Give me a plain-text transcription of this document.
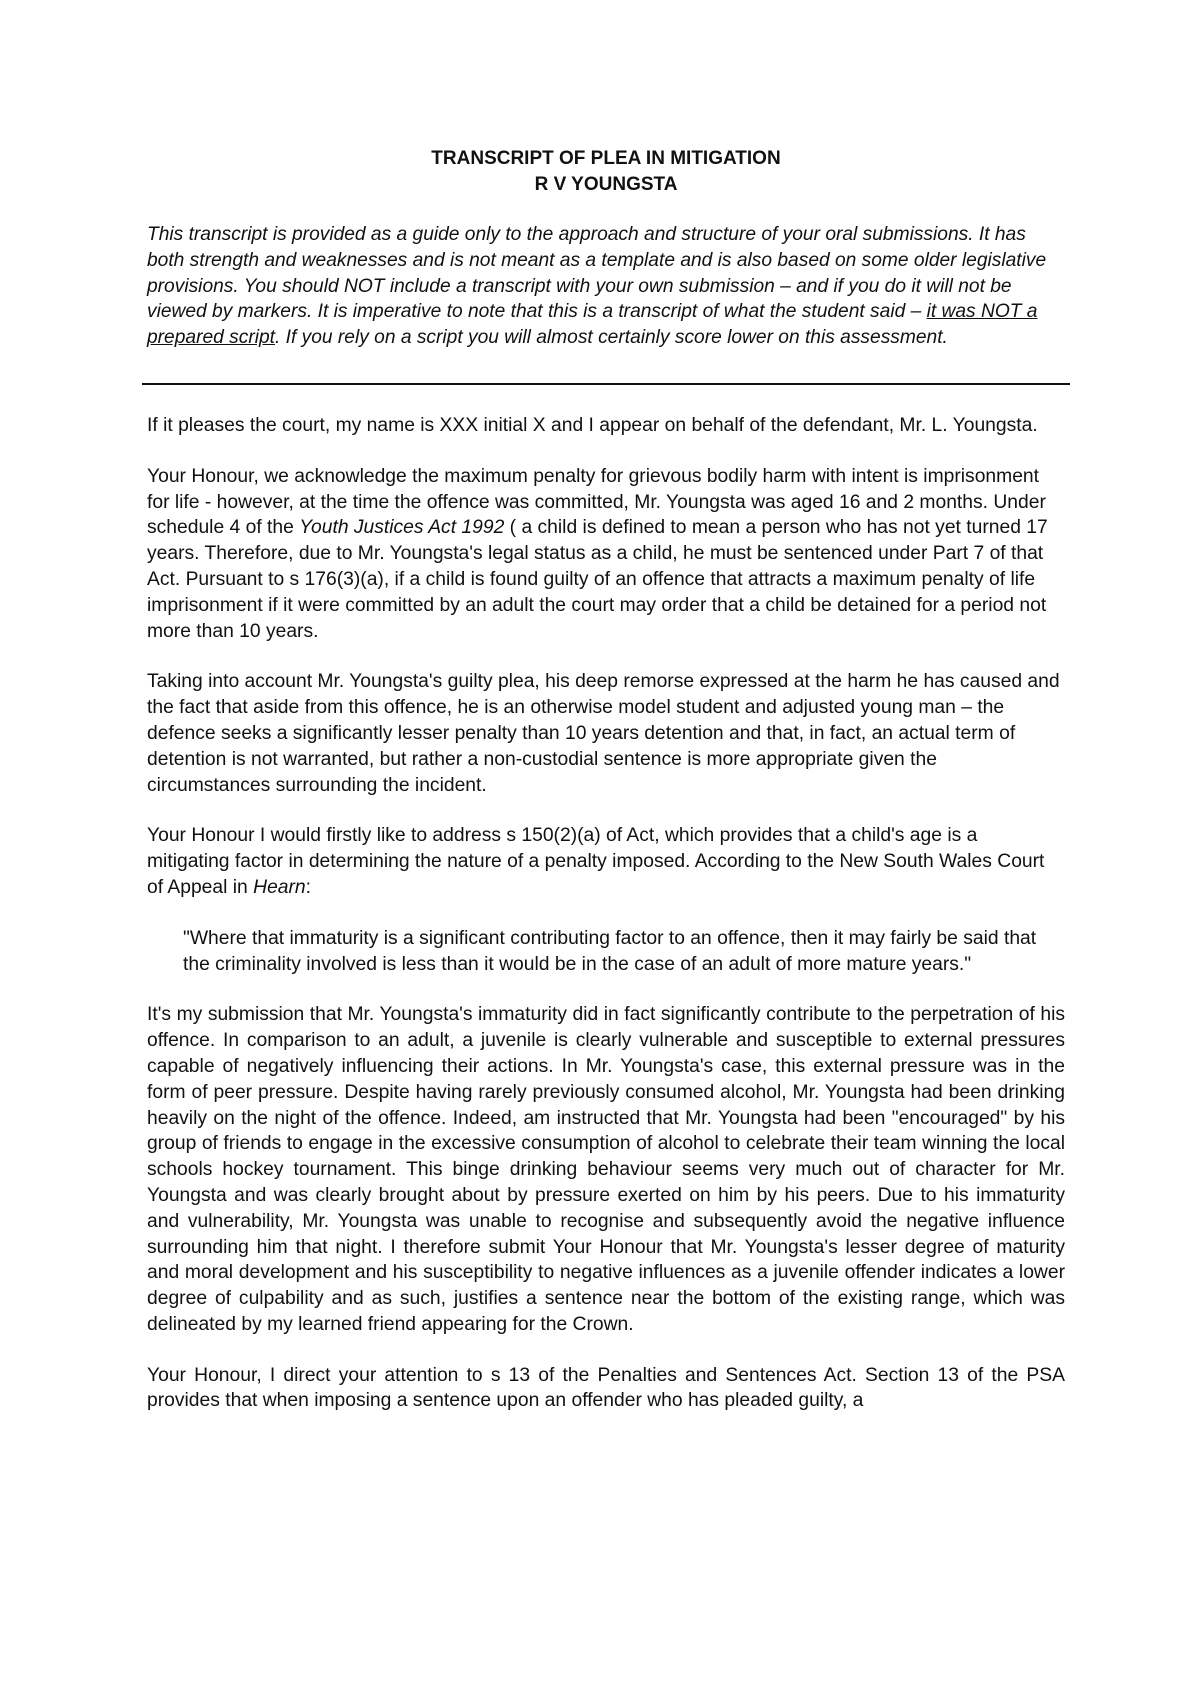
TRANSCRIPT OF PLEA IN MITIGATION
R V YOUNGSTA

This transcript is provided as a guide only to the approach and structure of your oral submissions. It has both strength and weaknesses and is not meant as a template and is also based on some older legislative provisions. You should NOT include a transcript with your own submission – and if you do it will not be viewed by markers. It is imperative to note that this is a transcript of what the student said – it was NOT a prepared script. If you rely on a script you will almost certainly score lower on this assessment.

If it pleases the court, my name is XXX initial X and I appear on behalf of the defendant, Mr. L. Youngsta.

Your Honour, we acknowledge the maximum penalty for grievous bodily harm with intent is imprisonment for life - however, at the time the offence was committed, Mr. Youngsta was aged 16 and 2 months. Under schedule 4 of the Youth Justices Act 1992 ( a child is defined to mean a person who has not yet turned 17 years. Therefore, due to Mr. Youngsta's legal status as a child, he must be sentenced under Part 7 of that Act. Pursuant to s 176(3)(a), if a child is found guilty of an offence that attracts a maximum penalty of life imprisonment if it were committed by an adult the court may order that a child be detained for a period not more than 10 years.

Taking into account Mr. Youngsta's guilty plea, his deep remorse expressed at the harm he has caused and the fact that aside from this offence, he is an otherwise model student and adjusted young man – the defence seeks a significantly lesser penalty than 10 years detention and that, in fact, an actual term of detention is not warranted, but rather a non-custodial sentence is more appropriate given the circumstances surrounding the incident.

Your Honour I would firstly like to address s 150(2)(a) of Act, which provides that a child's age is a mitigating factor in determining the nature of a penalty imposed. According to the New South Wales Court of Appeal in Hearn:

"Where that immaturity is a significant contributing factor to an offence, then it may fairly be said that the criminality involved is less than it would be in the case of an adult of more mature years."

It's my submission that Mr. Youngsta's immaturity did in fact significantly contribute to the perpetration of his offence. In comparison to an adult, a juvenile is clearly vulnerable and susceptible to external pressures capable of negatively influencing their actions. In Mr. Youngsta's case, this external pressure was in the form of peer pressure. Despite having rarely previously consumed alcohol, Mr. Youngsta had been drinking heavily on the night of the offence. Indeed, am instructed that Mr. Youngsta had been "encouraged" by his group of friends to engage in the excessive consumption of alcohol to celebrate their team winning the local schools hockey tournament. This binge drinking behaviour seems very much out of character for Mr. Youngsta and was clearly brought about by pressure exerted on him by his peers. Due to his immaturity and vulnerability, Mr. Youngsta was unable to recognise and subsequently avoid the negative influence surrounding him that night. I therefore submit Your Honour that Mr. Youngsta's lesser degree of maturity and moral development and his susceptibility to negative influences as a juvenile offender indicates a lower degree of culpability and as such, justifies a sentence near the bottom of the existing range, which was delineated by my learned friend appearing for the Crown.

Your Honour, I direct your attention to s 13 of the Penalties and Sentences Act. Section 13 of the PSA provides that when imposing a sentence upon an offender who has pleaded guilty, a
